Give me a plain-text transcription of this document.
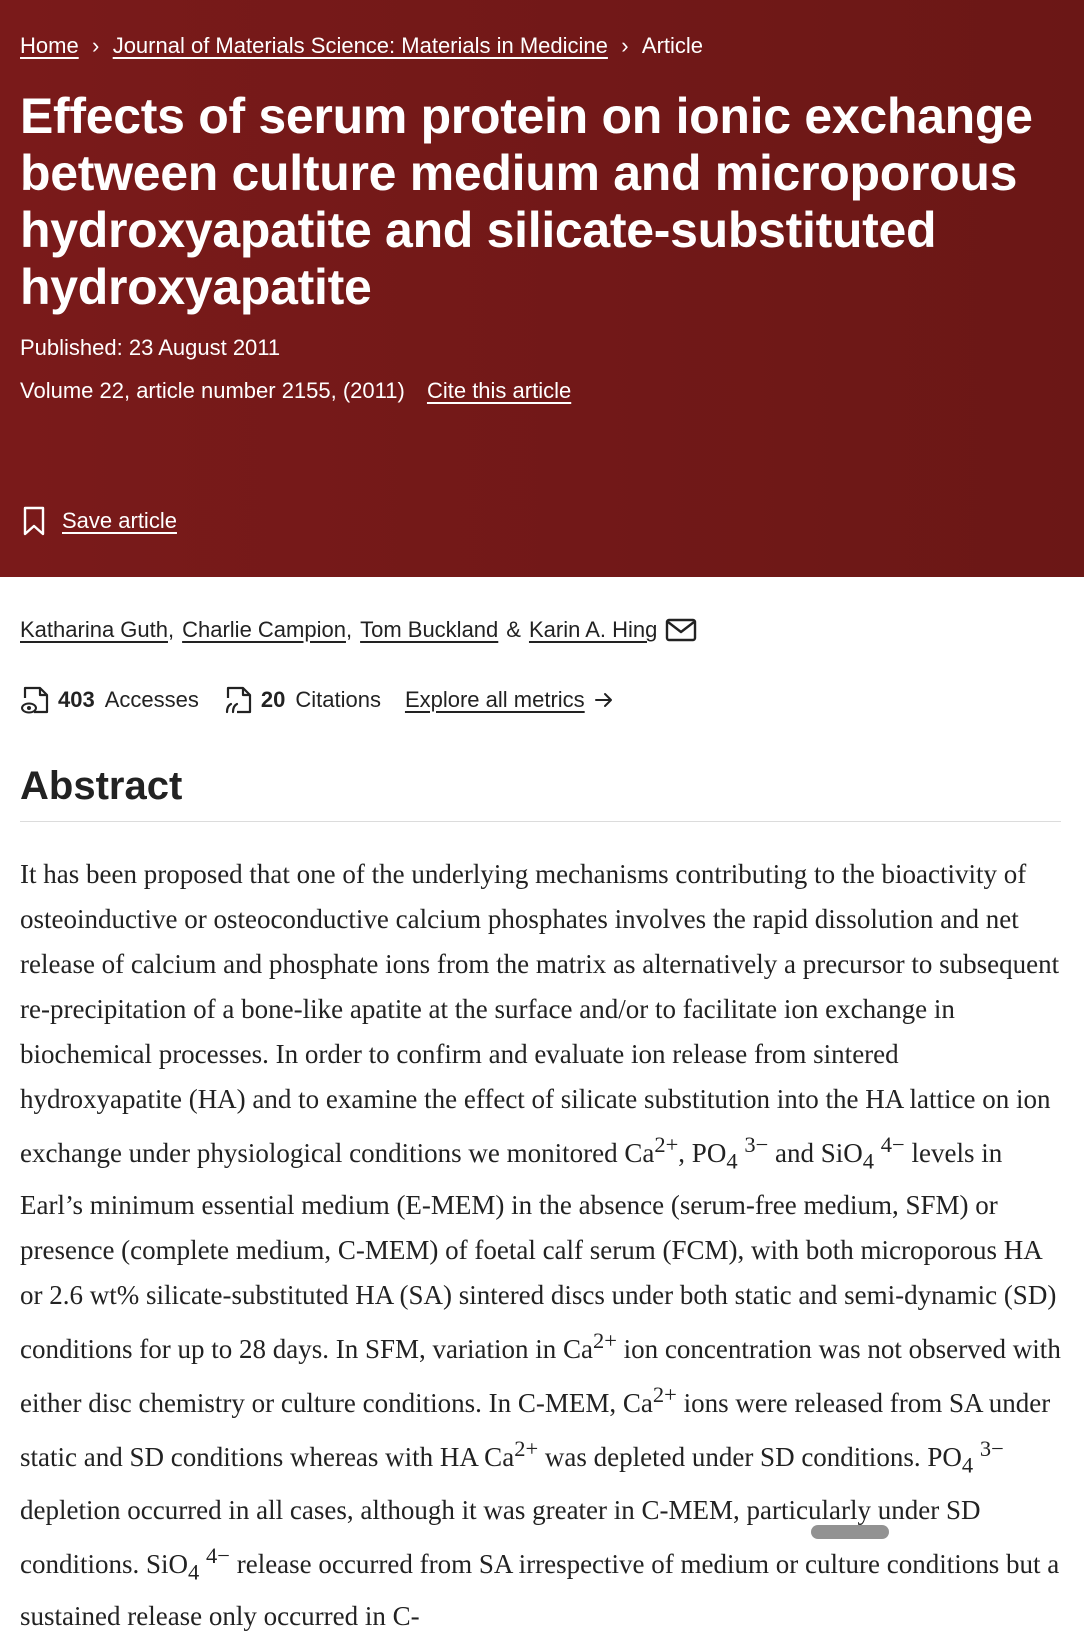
Home › Journal of Materials Science: Materials in Medicine › Article
Effects of serum protein on ionic exchange between culture medium and microporous hydroxyapatite and silicate-substituted hydroxyapatite
Published: 23 August 2011
Volume 22, article number 2155, (2011) Cite this article
Save article
Katharina Guth , Charlie Campion , Tom Buckland & Karin A. Hing
403 Accesses	20 Citations Explore all metrics
Abstract

It has been proposed that one of the underlying mechanisms contributing to the bioactivity of osteoinductive or osteoconductive calcium phosphates involves the rapid dissolution and net release of calcium and phosphate ions from the matrix as alternatively a precursor to subsequent re-precipitation of a bone-like apatite at the surface and/or to facilitate ion exchange in biochemical processes. In order to confirm and evaluate ion release from sintered hydroxyapatite (HA) and to examine the effect of silicate substitution into the HA lattice on ion exchange under physiological conditions we monitored $Ca^{2+}$, $PO_4$ $^{3-}$ and SiO$_4$ $^{4-}$ levels in Earl’s minimum essential medium (E-MEM) in the absence (serum-free medium, SFM) or presence (complete medium, C-MEM) of foetal calf serum (FCM), with both microporous HA or 2.6 wt% silicate-substituted HA (SA) sintered discs under both static and semi-dynamic (SD) conditions for up to 28 days. In SFM, variation in $Ca^{2+}$ ion concentration was not observed with either disc chemistry or culture conditions. In C-MEM, $Ca^{2+}$ ions were released from SA under static and SD conditions whereas with HA $Ca^{2+}$ was depleted under SD conditions. $PO_4$ $^{3-}$ depletion occurred in all cases, although it was greater in C-MEM, particularly under SD conditions. SiO$_4$ $^{4-}$ release occurred from SA irrespective of medium or culture conditions but a sustained release only occurred in C-
